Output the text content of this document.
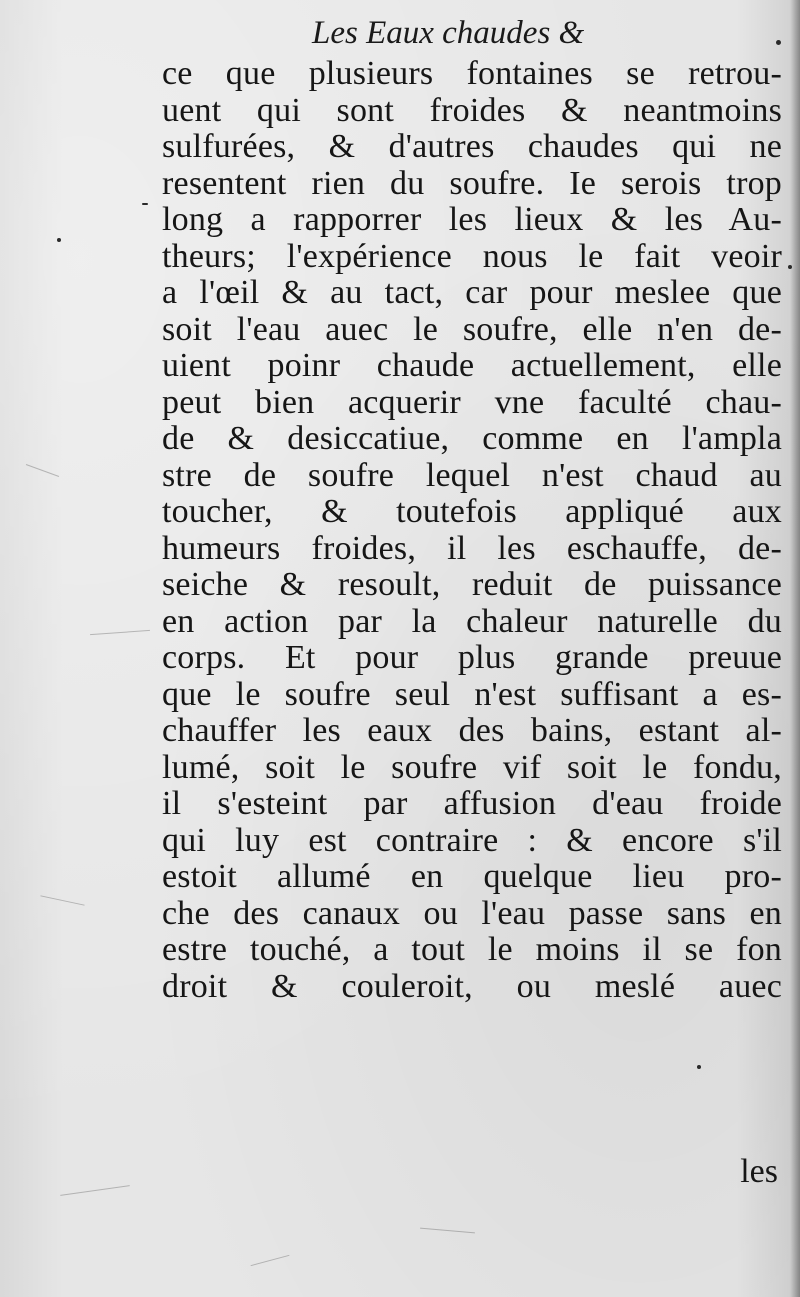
Les Eaux chaudes &
ce que plusieurs fontaines se retrou-
uent qui sont froides & neantmoins
sulfurées, & d'autres chaudes qui ne
resentent rien du soufre. Ie serois trop
long a rapporrer les lieux & les Au-
theurs; l'expérience nous le fait veoir
a l'œil & au tact, car pour meslee que
soit l'eau auec le soufre, elle n'en de-
uient poinr chaude actuellement, elle
peut bien acquerir vne faculté chau-
de & desiccatiue, comme en l'ampla
stre de soufre lequel n'est chaud au
toucher, & toutefois appliqué aux
humeurs froides, il les eschauffe, de-
seiche & resoult, reduit de puissance
en action par la chaleur naturelle du
corps. Et pour plus grande preuue
que le soufre seul n'est suffisant a es-
chauffer les eaux des bains, estant al-
lumé, soit le soufre vif soit le fondu,
il s'esteint par affusion d'eau froide
qui luy est contraire : & encore s'il
estoit allumé en quelque lieu pro-
che des canaux ou l'eau passe sans en
estre touché, a tout le moins il se fon
droit & couleroit, ou meslé auec
les
